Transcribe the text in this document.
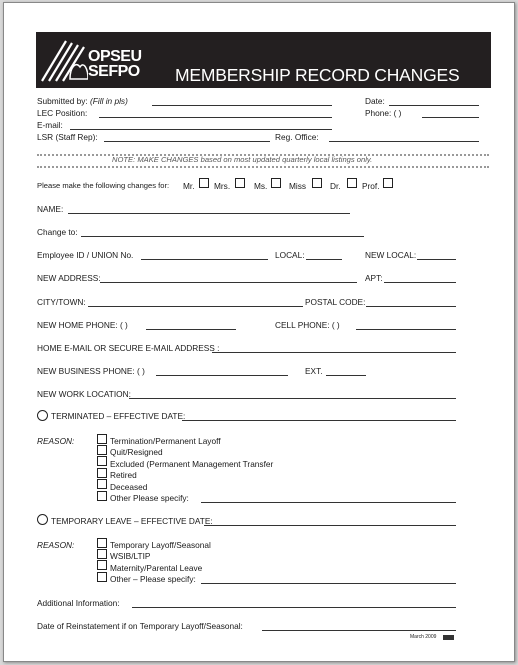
OPSEU
SEFPO MEMBERSHIP RECORD CHANGES
Submitted by: (Fill in pls)	Date:
LEC Position:	Phone: ( )
E-mail:
LSR (Staff Rep):	Reg. Office:
NOTE: MAKE CHANGES based on most updated quarterly local listings only.
Please make the following changes for: Mr. Mrs.	Ms.	Miss	Dr.	Prof.
NAME:
Change to:
Employee ID / UNION No.	LOCAL:	NEW LOCAL:
NEW ADDRESS:	APT:
CITY/TOWN:	POSTAL CODE:
NEW HOME PHONE: ( )	CELL PHONE: ( )
HOME E-MAIL OR SECURE E-MAIL ADDRESS :
NEW BUSINESS PHONE: ( )	EXT.
NEW WORK LOCATION:
TERMINATED – EFFECTIVE DATE:
REASON:	Termination/Permanent Layoff
Quit/Resigned
Excluded (Permanent Management Transfer
Retired
Deceased
Other Please specify:
TEMPORARY LEAVE – EFFECTIVE DATE:
REASON:	Temporary Layoff/Seasonal
WSIB/LTIP
Maternity/Parental Leave
Other – Please specify:
Additional Information:
Date of Reinstatement if on Temporary Layoff/Seasonal:
March 2009
